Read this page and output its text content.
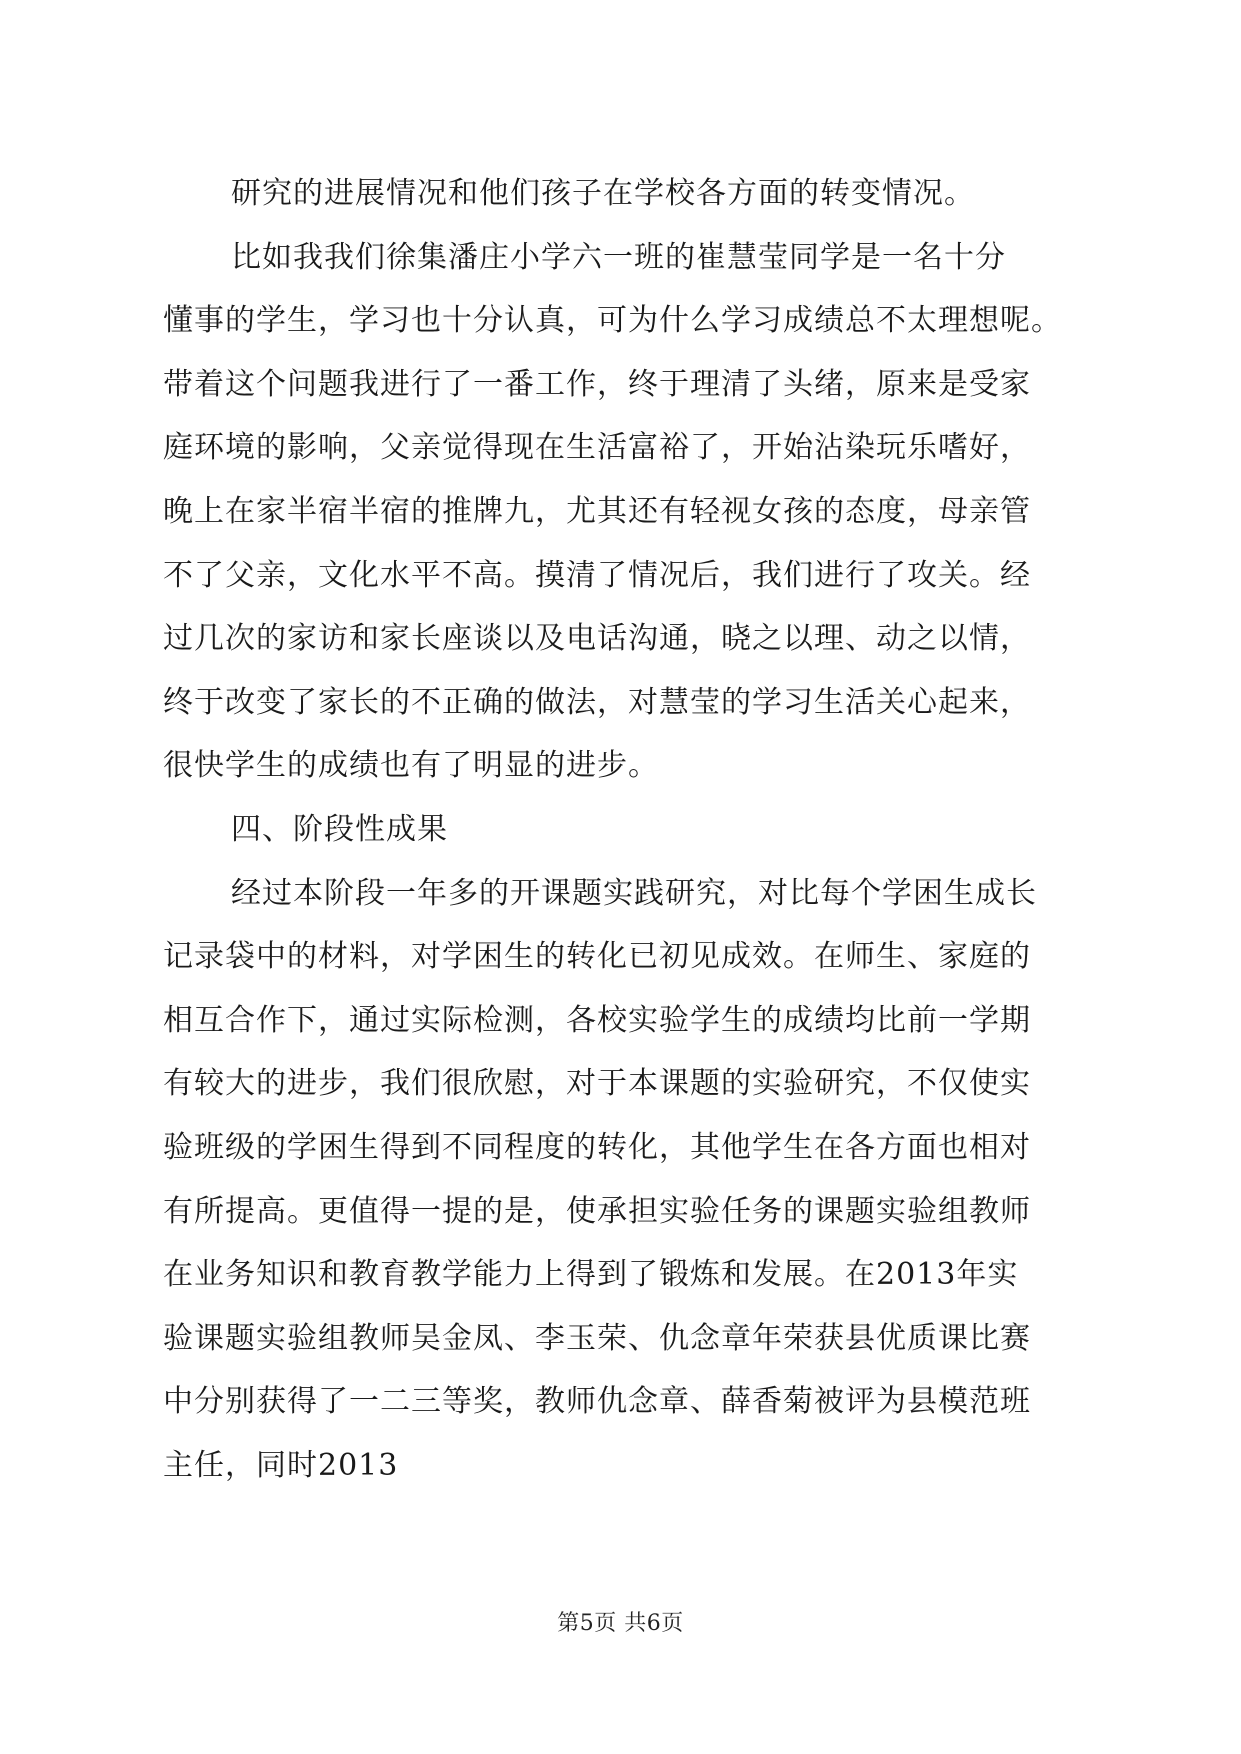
研究的进展情况和他们孩子在学校各方面的转变情况。
比如我我们徐集潘庄小学六一班的崔慧莹同学是一名十分
懂事的学生，学习也十分认真，可为什么学习成绩总不太理想呢。
带着这个问题我进行了一番工作，终于理清了头绪，原来是受家
庭环境的影响，父亲觉得现在生活富裕了，开始沾染玩乐嗜好，
晚上在家半宿半宿的推牌九，尤其还有轻视女孩的态度，母亲管
不了父亲，文化水平不高。摸清了情况后，我们进行了攻关。经
过几次的家访和家长座谈以及电话沟通，晓之以理、动之以情，
终于改变了家长的不正确的做法，对慧莹的学习生活关心起来，
很快学生的成绩也有了明显的进步。
四、阶段性成果
经过本阶段一年多的开课题实践研究，对比每个学困生成长
记录袋中的材料，对学困生的转化已初见成效。在师生、家庭的
相互合作下，通过实际检测，各校实验学生的成绩均比前一学期
有较大的进步，我们很欣慰，对于本课题的实验研究，不仅使实
验班级的学困生得到不同程度的转化，其他学生在各方面也相对
有所提高。更值得一提的是，使承担实验任务的课题实验组教师
在业务知识和教育教学能力上得到了锻炼和发展。在2013年实
验课题实验组教师吴金凤、李玉荣、仇念章年荣获县优质课比赛
中分别获得了一二三等奖，教师仇念章、薛香菊被评为县模范班
主任，同时2013
第5页 共6页
